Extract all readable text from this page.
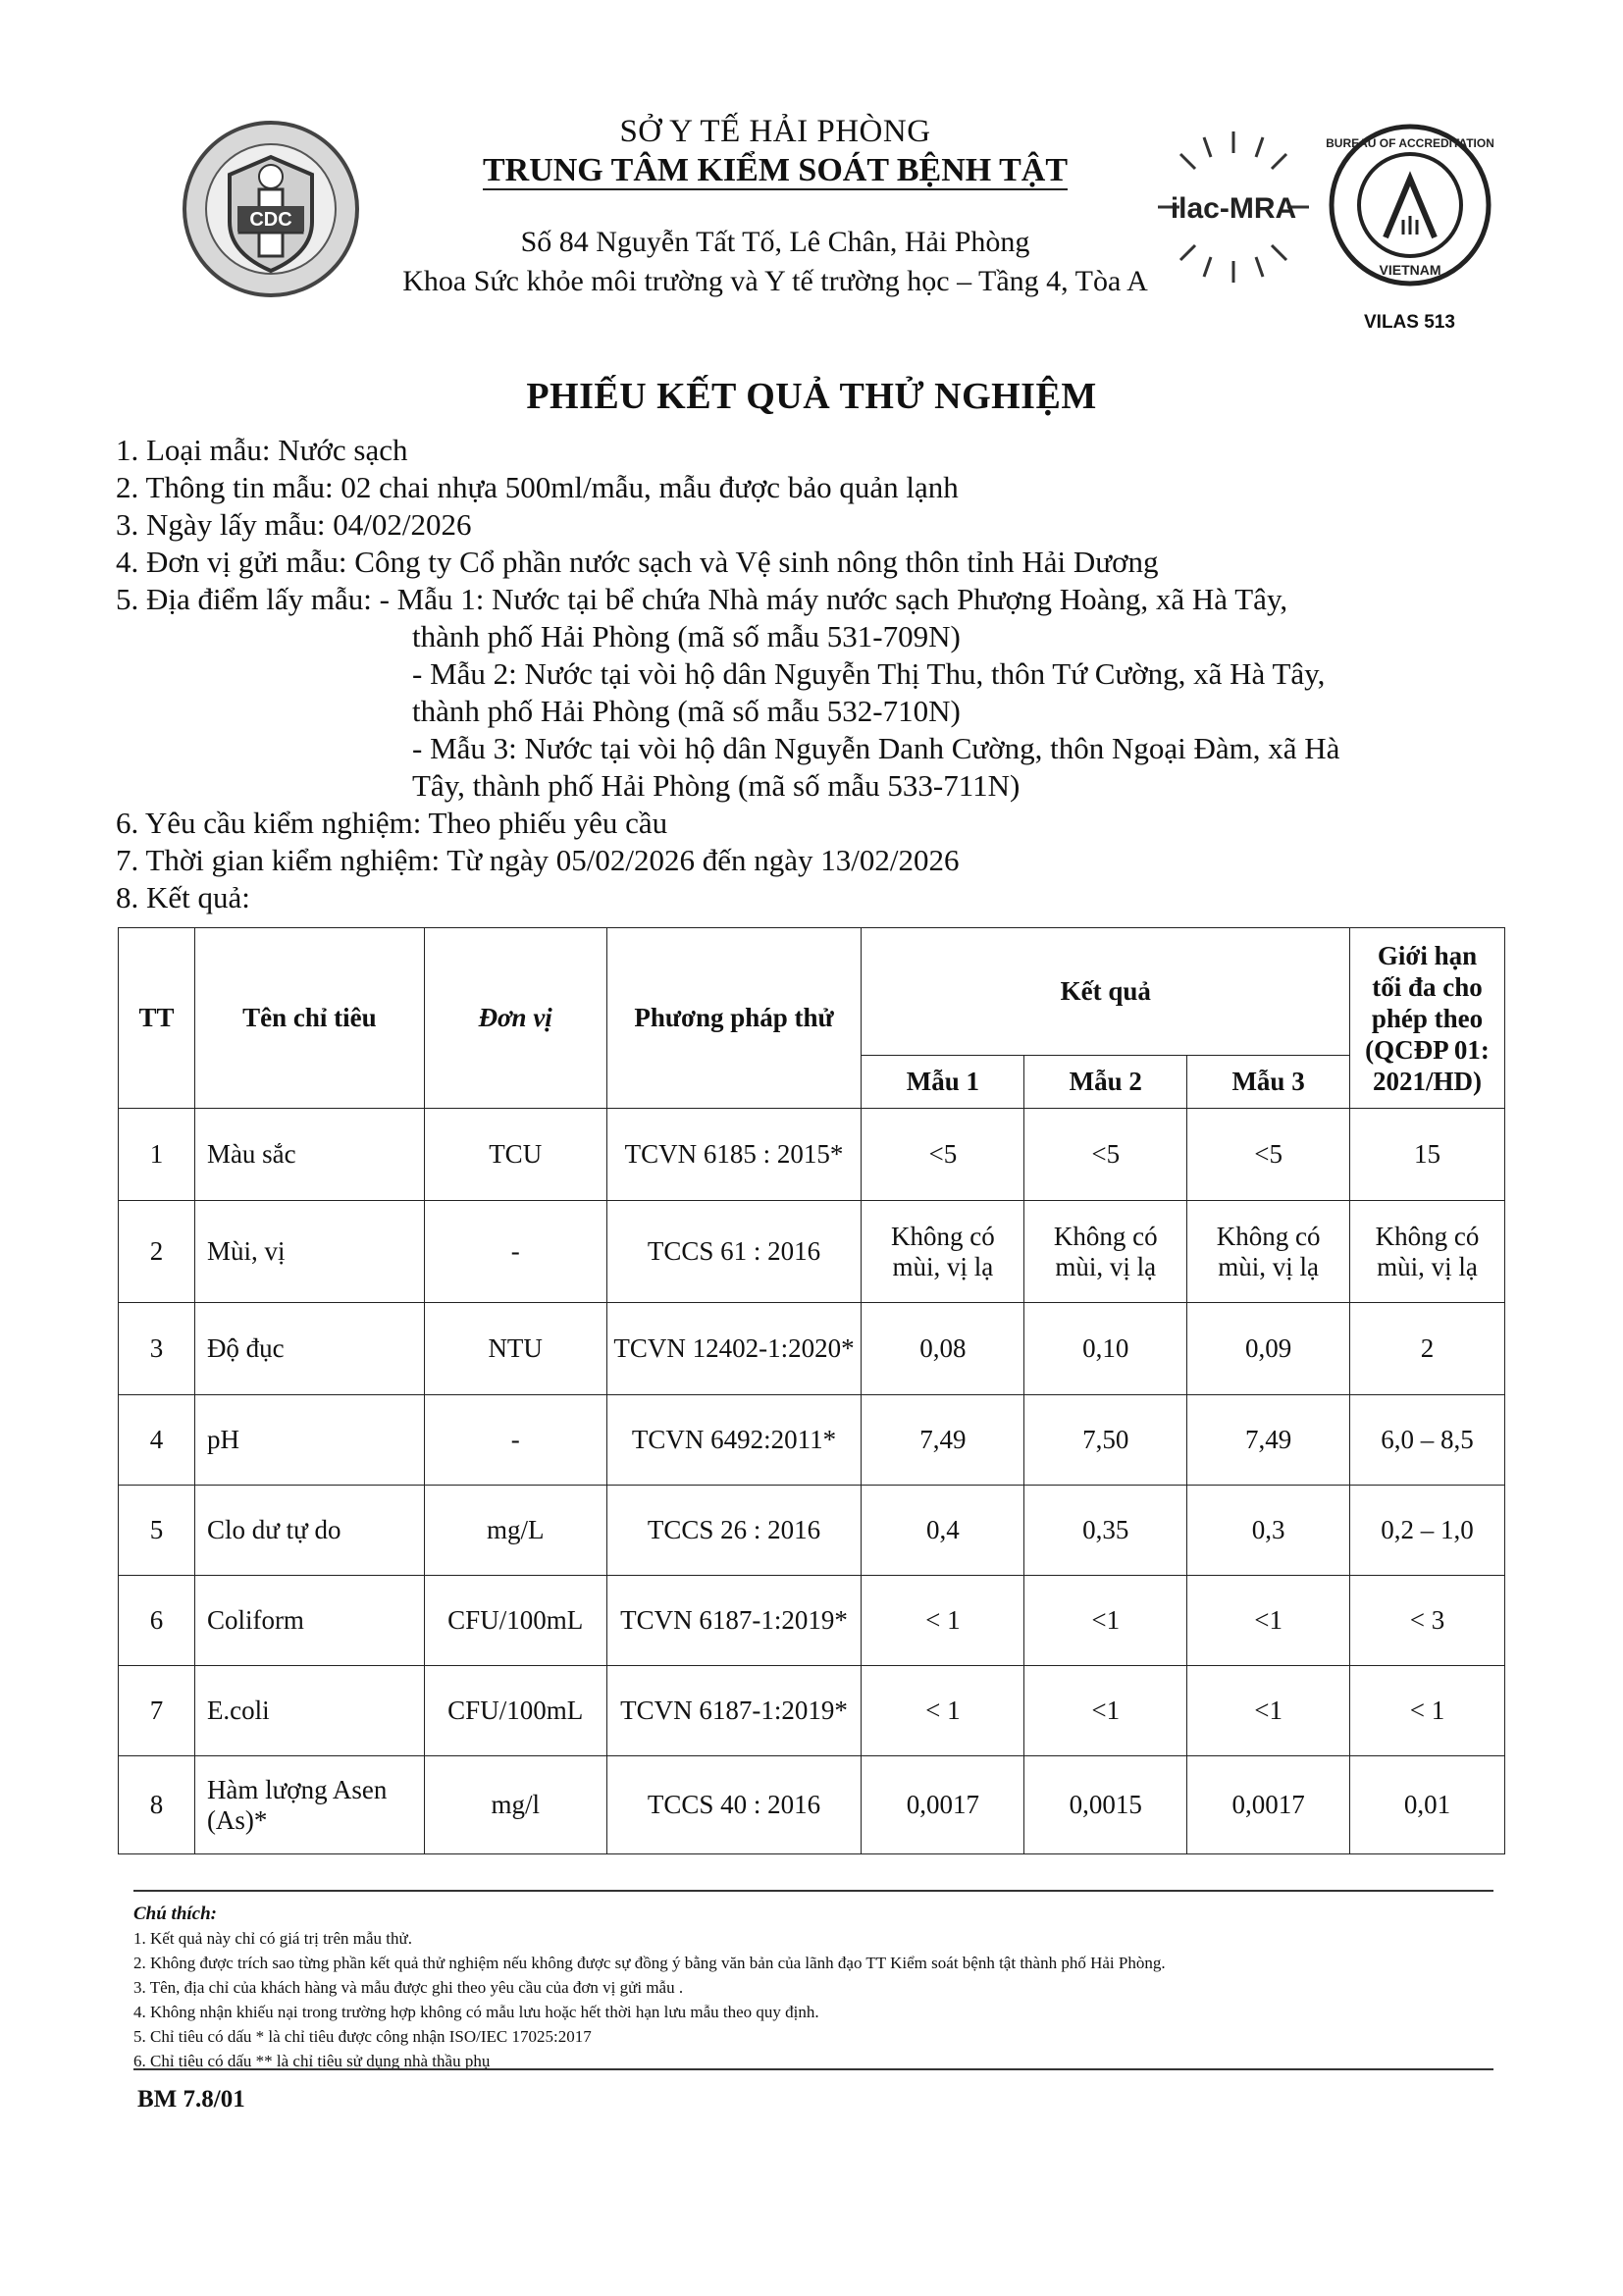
CDC
SỞ Y TẾ HẢI PHÒNG
TRUNG TÂM KIỂM SOÁT BỆNH TẬT
Số 84 Nguyễn Tất Tố, Lê Chân, Hải Phòng
Khoa Sức khỏe môi trường và Y tế trường học – Tầng 4, Tòa A
ilac-MRA
BUREAU OF ACCREDITATION
VIETNAM
VILAS 513
PHIẾU KẾT QUẢ THỬ NGHIỆM
1. Loại mẫu: Nước sạch
2. Thông tin mẫu: 02 chai nhựa 500ml/mẫu, mẫu được bảo quản lạnh
3. Ngày lấy mẫu: 04/02/2026
4. Đơn vị gửi mẫu: Công ty Cổ phần nước sạch và Vệ sinh nông thôn tỉnh Hải Dương
5. Địa điểm lấy mẫu: - Mẫu 1: Nước tại bể chứa Nhà máy nước sạch Phượng Hoàng, xã Hà Tây,
thành phố Hải Phòng (mã số mẫu 531-709N)
- Mẫu 2: Nước tại vòi hộ dân Nguyễn Thị Thu, thôn Tứ Cường, xã Hà Tây,
thành phố Hải Phòng (mã số mẫu 532-710N)
- Mẫu 3: Nước tại vòi hộ dân Nguyễn Danh Cường, thôn Ngoại Đàm, xã Hà
Tây, thành phố Hải Phòng (mã số mẫu 533-711N)
6. Yêu cầu kiểm nghiệm: Theo phiếu yêu cầu
7. Thời gian kiểm nghiệm: Từ ngày 05/02/2026 đến ngày 13/02/2026
8. Kết quả:
TT	Tên chỉ tiêu	Đơn vị	Phương pháp thử	Kết quả			Giới hạn
tối đa cho
phép theo
(QCĐP 01:
2021/HD)

				Mẫu 1	Mẫu 2	Mẫu 3	
1	Màu sắc	TCU	TCVN 6185 : 2015*	<5	<5	<5	15
2	Mùi, vị	-	TCCS 61 : 2016	Không có mùi, vị lạ	Không có mùi, vị lạ	Không có mùi, vị lạ	Không có mùi, vị lạ
3	Độ đục	NTU	TCVN 12402-1:2020*	0,08	0,10	0,09	2
4	pH	-	TCVN 6492:2011*	7,49	7,50	7,49	6,0 – 8,5
5	Clo dư tự do	mg/L	TCCS 26 : 2016	0,4	0,35	0,3	0,2 – 1,0
6	Coliform	CFU/100mL	TCVN 6187-1:2019*	< 1	<1	<1	< 3
7	E.coli	CFU/100mL	TCVN 6187-1:2019*	< 1	<1	<1	< 1
8	Hàm lượng Asen (As)*	mg/l	TCCS 40 : 2016	0,0017	0,0015	0,0017	0,01
Chú thích:
1. Kết quả này chỉ có giá trị trên mẫu thử.
2. Không được trích sao từng phần kết quả thử nghiệm nếu không được sự đồng ý bằng văn bản của lãnh đạo TT Kiểm soát bệnh tật thành phố Hải Phòng.
3. Tên, địa chỉ của khách hàng và mẫu được ghi theo yêu cầu của đơn vị gửi mẫu .
4. Không nhận khiếu nại trong trường hợp không có mẫu lưu hoặc hết thời hạn lưu mẫu theo quy định.
5. Chỉ tiêu có dấu * là chỉ tiêu được công nhận ISO/IEC 17025:2017
6. Chỉ tiêu có dấu ** là chỉ tiêu sử dụng nhà thầu phụ
BM 7.8/01
